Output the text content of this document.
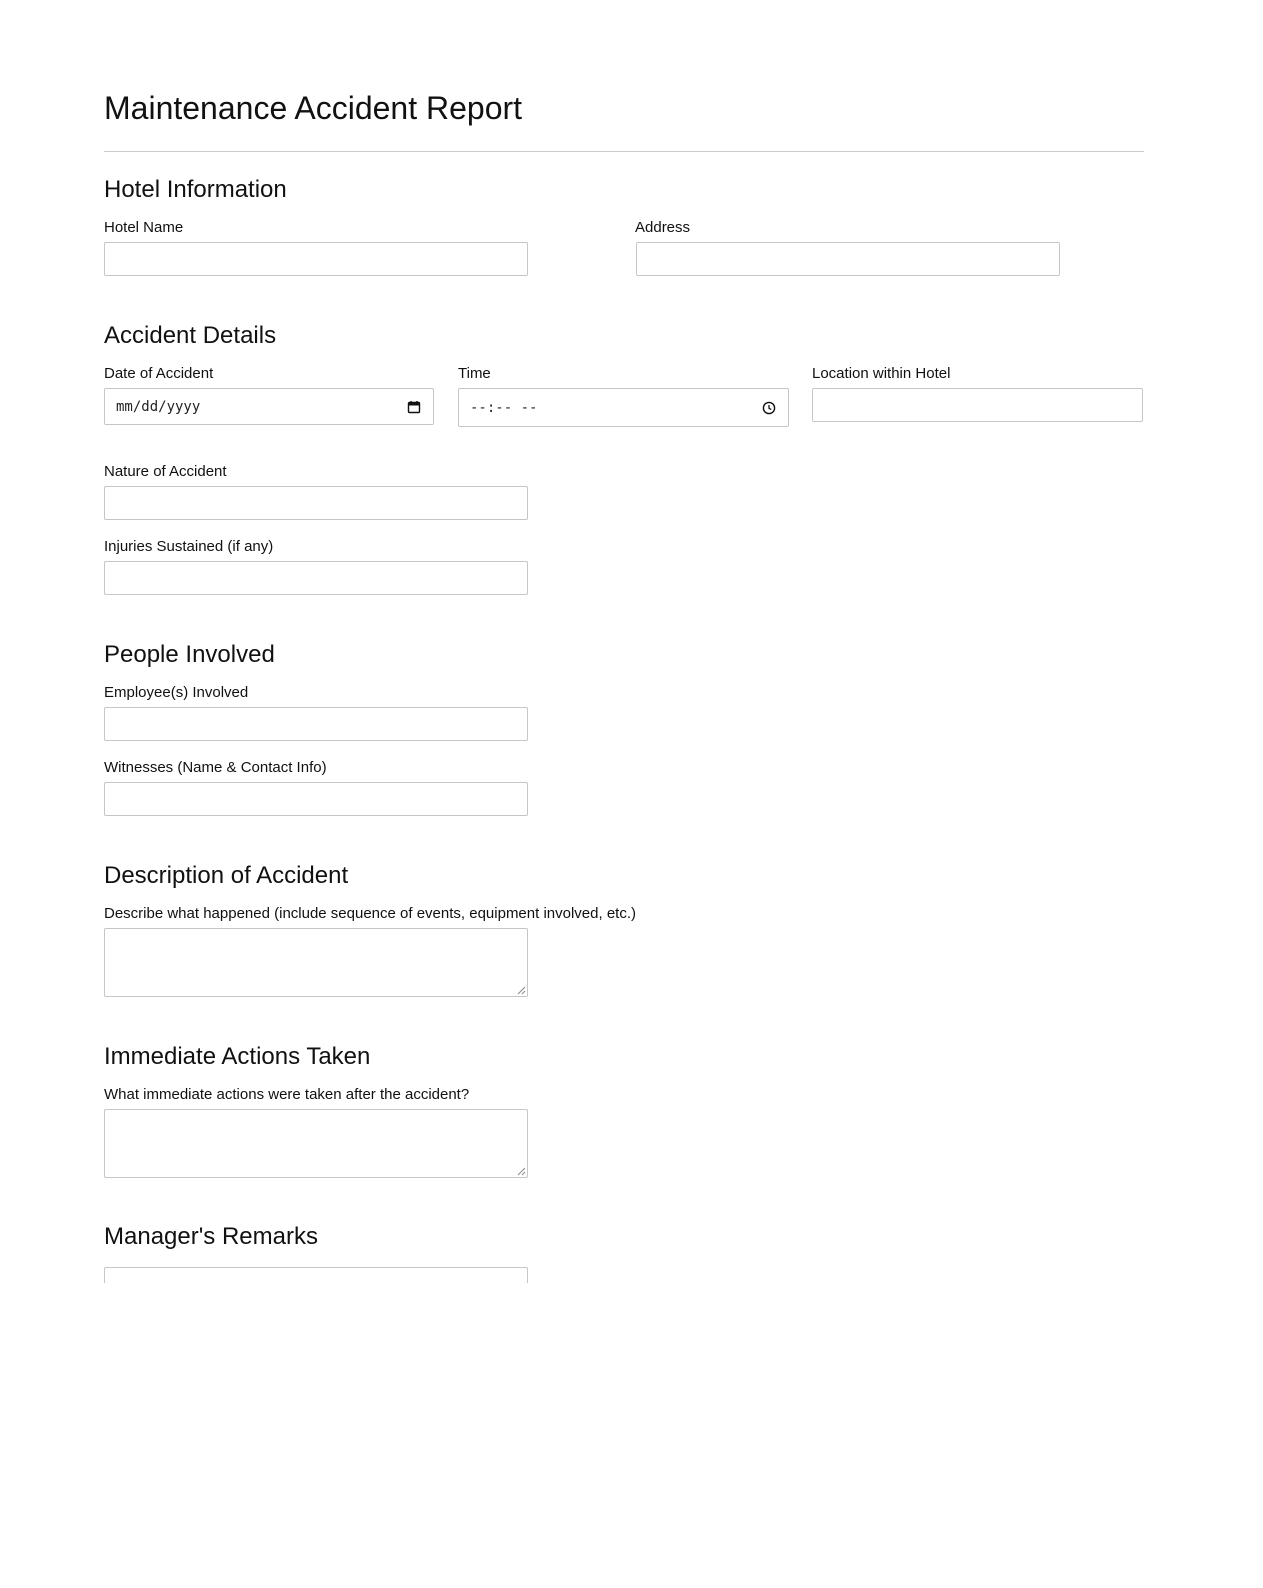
Maintenance Accident Report
Hotel Information
Hotel Name	Address
Accident Details
Date of Accident
mm/dd/yyyy
Time
--:-- --
Location within Hotel
Nature of Accident
Injuries Sustained (if any)
People Involved
Employee(s) Involved
Witnesses (Name & Contact Info)
Description of Accident
Describe what happened (include sequence of events, equipment involved, etc.)
Immediate Actions Taken
What immediate actions were taken after the accident?
Manager's Remarks
